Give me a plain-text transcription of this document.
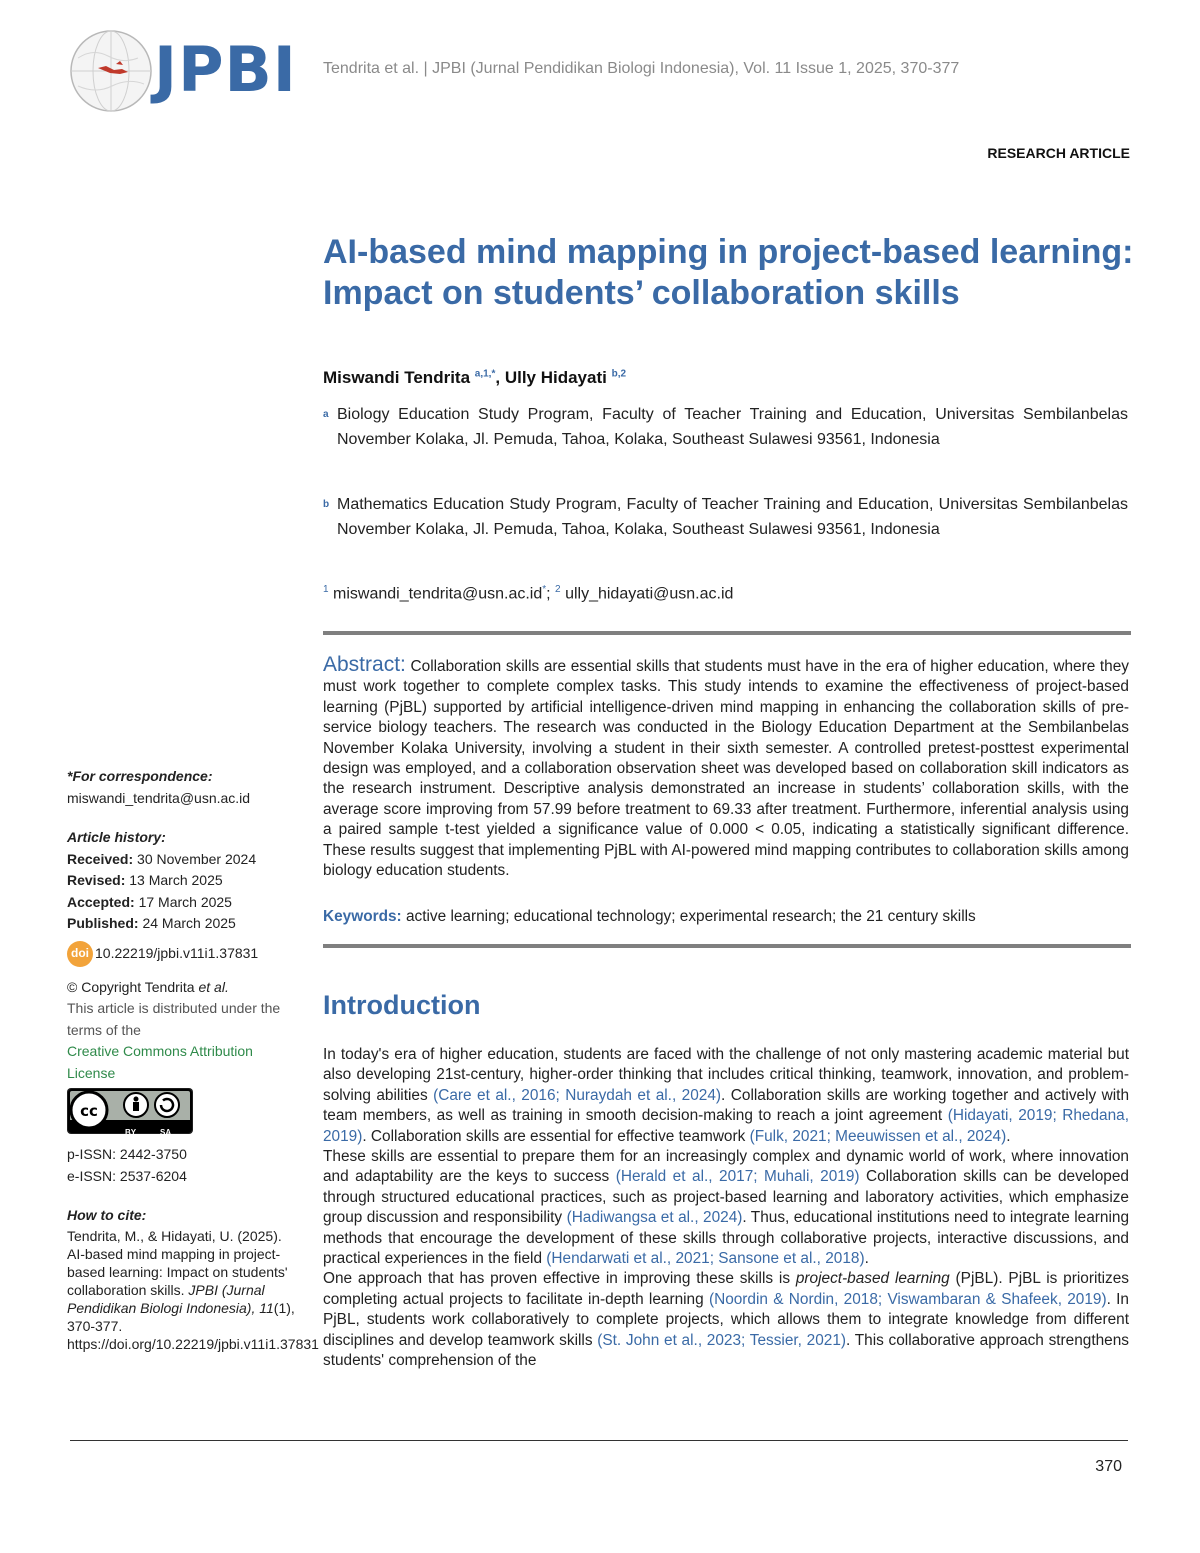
JPBI Tendrita et al. | JPBI (Jurnal Pendidikan Biologi Indonesia), Vol. 11 Issue 1, 2025, 370-377
RESEARCH ARTICLE
AI-based mind mapping in project-based learning: Impact on students’ collaboration skills
Miswandi Tendrita $^{a,1,*}$, Ully Hidayati $^{b,2}$
a Biology Education Study Program, Faculty of Teacher Training and Education, Universitas Sembilanbelas November Kolaka, Jl. Pemuda, Tahoa, Kolaka, Southeast Sulawesi 93561, Indonesia
b Mathematics Education Study Program, Faculty of Teacher Training and Education, Universitas Sembilanbelas November Kolaka, Jl. Pemuda, Tahoa, Kolaka, Southeast Sulawesi 93561, Indonesia
$^1$ miswandi_tendrita@usn.ac.id*; $^2$ ully_hidayati@usn.ac.id
Abstract: Collaboration skills are essential skills that students must have in the era of higher education, where they must work together to complete complex tasks. This study intends to examine the effectiveness of project-based learning (PjBL) supported by artificial intelligence-driven mind mapping in enhancing the collaboration skills of pre-service biology teachers. The research was conducted in the Biology Education Department at the Sembilanbelas November Kolaka University, involving a student in their sixth semester. A controlled pretest-posttest experimental design was employed, and a collaboration observation sheet was developed based on collaboration skill indicators as the research instrument. Descriptive analysis demonstrated an increase in students’ collaboration skills, with the average score improving from 57.99 before treatment to 69.33 after treatment. Furthermore, inferential analysis using a paired sample t-test yielded a significance value of 0.000 < 0.05, indicating a statistically significant difference. These results suggest that implementing PjBL with AI-powered mind mapping contributes to collaboration skills among biology education students.
Keywords: active learning; educational technology; experimental research; the 21 century skills
Introduction

In today's era of higher education, students are faced with the challenge of not only mastering academic material but also developing 21st-century, higher-order thinking that includes critical thinking, teamwork, innovation, and problem-solving abilities (Care et al., 2016; Nuraydah et al., 2024). Collaboration skills are working together and actively with team members, as well as training in smooth decision-making to reach a joint agreement (Hidayati, 2019; Rhedana, 2019). Collaboration skills are essential for effective teamwork (Fulk, 2021; Meeuwissen et al., 2024).

These skills are essential to prepare them for an increasingly complex and dynamic world of work, where innovation and adaptability are the keys to success (Herald et al., 2017; Muhali, 2019) Collaboration skills can be developed through structured educational practices, such as project-based learning and laboratory activities, which emphasize group discussion and responsibility (Hadiwangsa et al., 2024). Thus, educational institutions need to integrate learning methods that encourage the development of these skills through collaborative projects, interactive discussions, and practical experiences in the field (Hendarwati et al., 2021; Sansone et al., 2018).

One approach that has proven effective in improving these skills is project-based learning (PjBL). PjBL is prioritizes completing actual projects to facilitate in-depth learning (Noordin & Nordin, 2018; Viswambaran & Shafeek, 2019). In PjBL, students work collaboratively to complete projects, which allows them to integrate knowledge from different disciplines and develop teamwork skills (St. John et al., 2023; Tessier, 2021). This collaborative approach strengthens students' comprehension of the

*For correspondence:
miswandi_tendrita@usn.ac.id
Article history:
Received: 30 November 2024
Revised: 13 March 2025
Accepted: 17 March 2025
Published: 24 March 2025
doi 10.22219/jpbi.v11i1.37831
© Copyright Tendrita et al.
This article is distributed under the terms of the
Creative Commons Attribution License
cc
BY	SA
p-ISSN: 2442-3750
e-ISSN: 2537-6204
How to cite:
Tendrita, M., & Hidayati, U. (2025). AI-based mind mapping in project-based learning: Impact on students' collaboration skills. JPBI (Jurnal Pendidikan Biologi Indonesia), 11(1), 370-377. https://doi.org/10.22219/jpbi.v11i1.37831
370
